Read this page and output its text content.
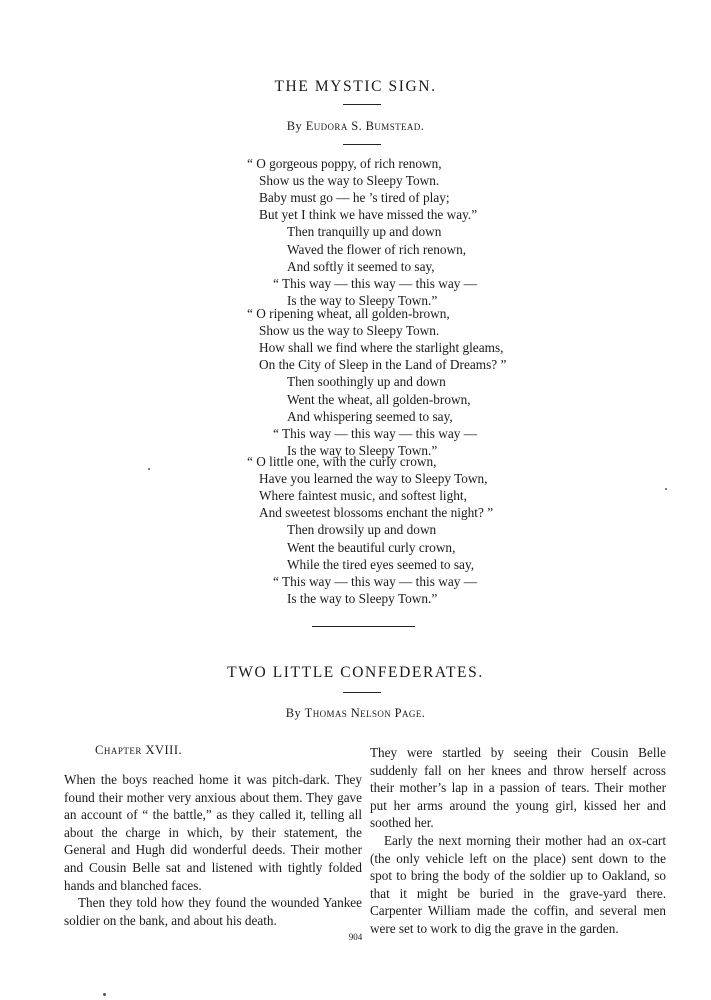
THE MYSTIC SIGN.
By Eudora S. Bumstead.
“ O gorgeous poppy, of rich renown,
Show us the way to Sleepy Town.
Baby must go — he ’s tired of play;
But yet I think we have missed the way.”
Then tranquilly up and down
Waved the flower of rich renown,
And softly it seemed to say,
“ This way — this way — this way —
Is the way to Sleepy Town.”
“ O ripening wheat, all golden-brown,
Show us the way to Sleepy Town.
How shall we find where the starlight gleams,
On the City of Sleep in the Land of Dreams? ”
Then soothingly up and down
Went the wheat, all golden-brown,
And whispering seemed to say,
“ This way — this way — this way —
Is the way to Sleepy Town.”
“ O little one, with the curly crown,
Have you learned the way to Sleepy Town,
Where faintest music, and softest light,
And sweetest blossoms enchant the night? ”
Then drowsily up and down
Went the beautiful curly crown,
While the tired eyes seemed to say,
“ This way — this way — this way —
Is the way to Sleepy Town.”
TWO LITTLE CONFEDERATES.
By Thomas Nelson Page.
Chapter XVIII.

When the boys reached home it was pitch-dark. They found their mother very anxious about them. They gave an account of “ the battle,” as they called it, telling all about the charge in which, by their statement, the General and Hugh did wonderful deeds. Their mother and Cousin Belle sat and listened with tightly folded hands and blanched faces.

Then they told how they found the wounded Yankee soldier on the bank, and about his death.

They were startled by seeing their Cousin Belle suddenly fall on her knees and throw herself across their mother’s lap in a passion of tears. Their mother put her arms around the young girl, kissed her and soothed her.

Early the next morning their mother had an ox-cart (the only vehicle left on the place) sent down to the spot to bring the body of the soldier up to Oakland, so that it might be buried in the grave-yard there. Carpenter William made the coffin, and several men were set to work to dig the grave in the garden.

904
